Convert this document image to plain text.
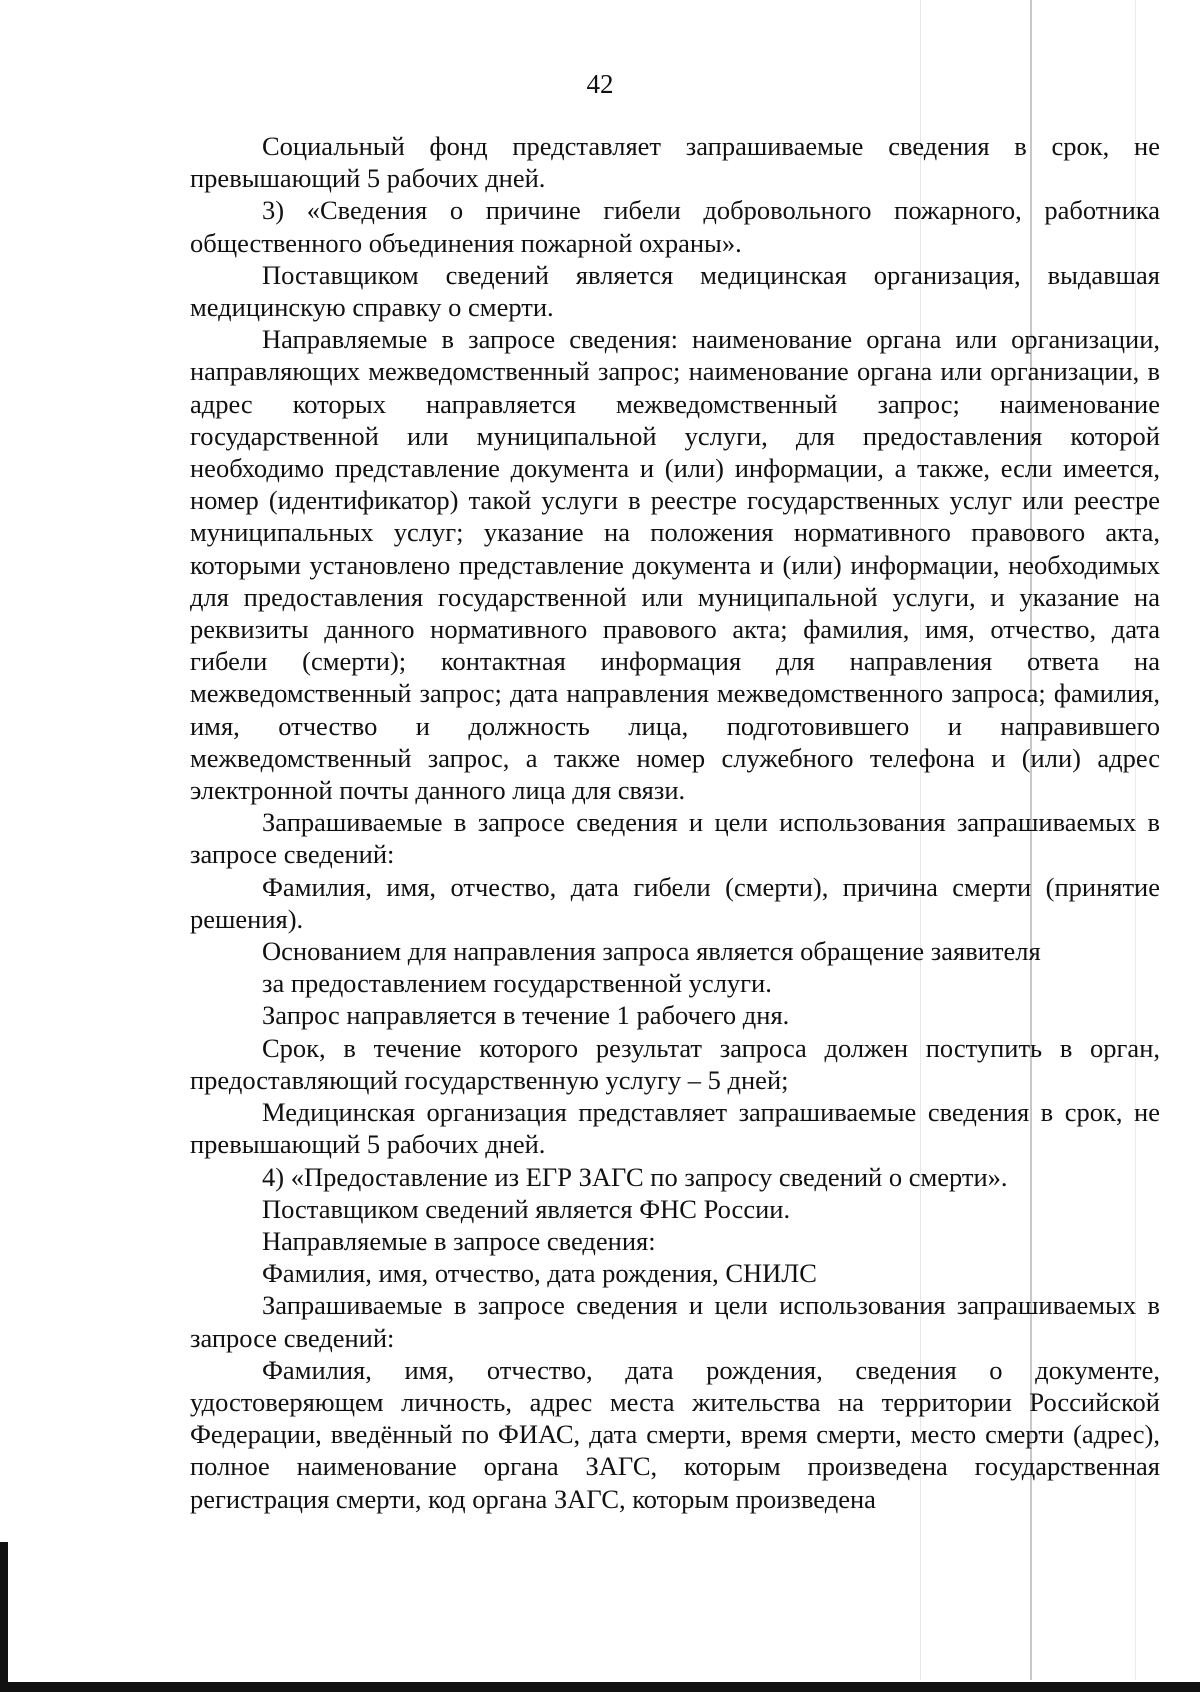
42

Социальный фонд представляет запрашиваемые сведения в срок, не превышающий 5 рабочих дней.

3) «Сведения о причине гибели добровольного пожарного, работника общественного объединения пожарной охраны».

Поставщиком сведений является медицинская организация, выдавшая медицинскую справку о смерти.

Направляемые в запросе сведения: наименование органа или организации, направляющих межведомственный запрос; наименование органа или организации, в адрес которых направляется межведомственный запрос; наименование государственной или муниципальной услуги, для предоставления которой необходимо представление документа и (или) информации, а также, если имеется, номер (идентификатор) такой услуги в реестре государственных услуг или реестре муниципальных услуг; указание на положения нормативного правового акта, которыми установлено представление документа и (или) информации, необходимых для предоставления государственной или муниципальной услуги, и указание на реквизиты данного нормативного правового акта; фамилия, имя, отчество, дата гибели (смерти); контактная информация для направления ответа на межведомственный запрос; дата направления межведомственного запроса; фамилия, имя, отчество и должность лица, подготовившего и направившего межведомственный запрос, а также номер служебного телефона и (или) адрес электронной почты данного лица для связи.

Запрашиваемые в запросе сведения и цели использования запрашиваемых в запросе сведений:

Фамилия, имя, отчество, дата гибели (смерти), причина смерти (принятие решения).

Основанием для направления запроса является обращение заявителя

за предоставлением государственной услуги.

Запрос направляется в течение 1 рабочего дня.

Срок, в течение которого результат запроса должен поступить в орган, предоставляющий государственную услугу – 5 дней;

Медицинская организация представляет запрашиваемые сведения в срок, не превышающий 5 рабочих дней.

4) «Предоставление из ЕГР ЗАГС по запросу сведений о смерти».

Поставщиком сведений является ФНС России.

Направляемые в запросе сведения:

Фамилия, имя, отчество, дата рождения, СНИЛС

Запрашиваемые в запросе сведения и цели использования запрашиваемых в запросе сведений:

Фамилия, имя, отчество, дата рождения, сведения о документе, удостоверяющем личность, адрес места жительства на территории Российской Федерации, введённый по ФИАС, дата смерти, время смерти, место смерти (адрес), полное наименование органа ЗАГС, которым произведена государственная регистрация смерти, код органа ЗАГС, которым произведена
